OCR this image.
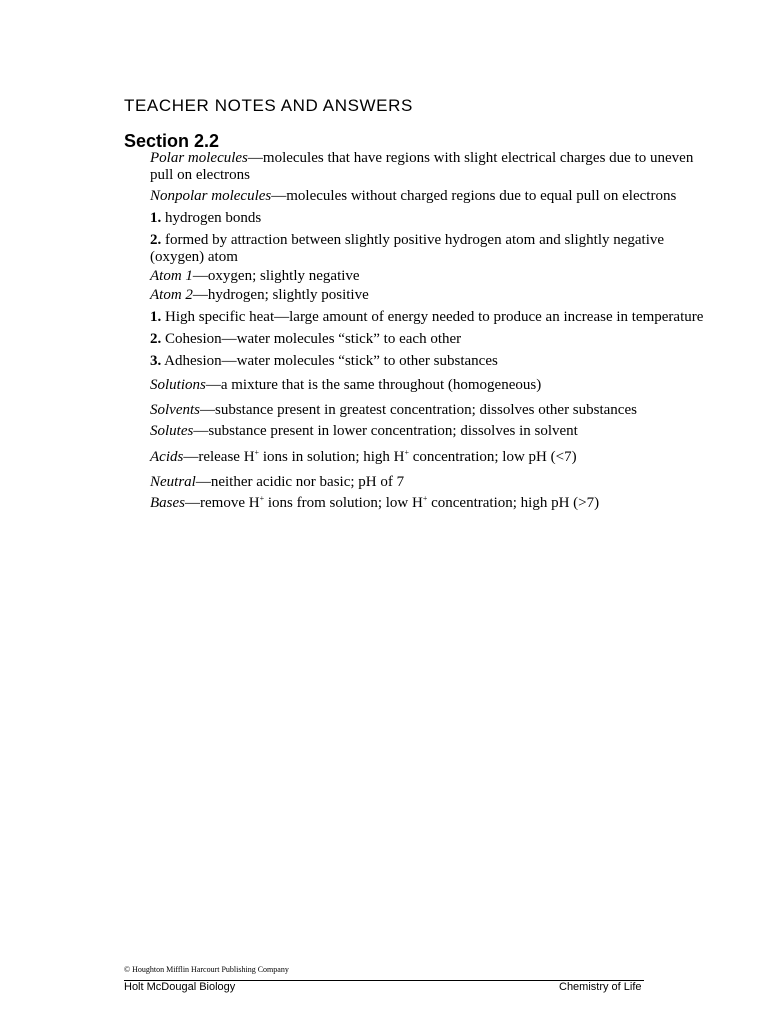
TEACHER NOTES AND ANSWERS
Section 2.2

Polar molecules—molecules that have regions with slight electrical charges due to uneven pull on electrons

Nonpolar molecules—molecules without charged regions due to equal pull on electrons

1. hydrogen bonds

2. formed by attraction between slightly positive hydrogen atom and slightly negative (oxygen) atom

Atom 1—oxygen; slightly negative

Atom 2—hydrogen; slightly positive

1. High specific heat—large amount of energy needed to produce an increase in temperature

2. Cohesion—water molecules “stick” to each other

3. Adhesion—water molecules “stick” to other substances

Solutions—a mixture that is the same throughout (homogeneous)

Solvents—substance present in greatest concentration; dissolves other substances

Solutes—substance present in lower concentration; dissolves in solvent

Acids—release H+ ions in solution; high H+ concentration; low pH (<7)

Neutral—neither acidic nor basic; pH of 7

Bases—remove H+ ions from solution; low H+ concentration; high pH (>7)

© Houghton Mifflin Harcourt Publishing Company
Holt McDougal Biology	Chemistry of Life
